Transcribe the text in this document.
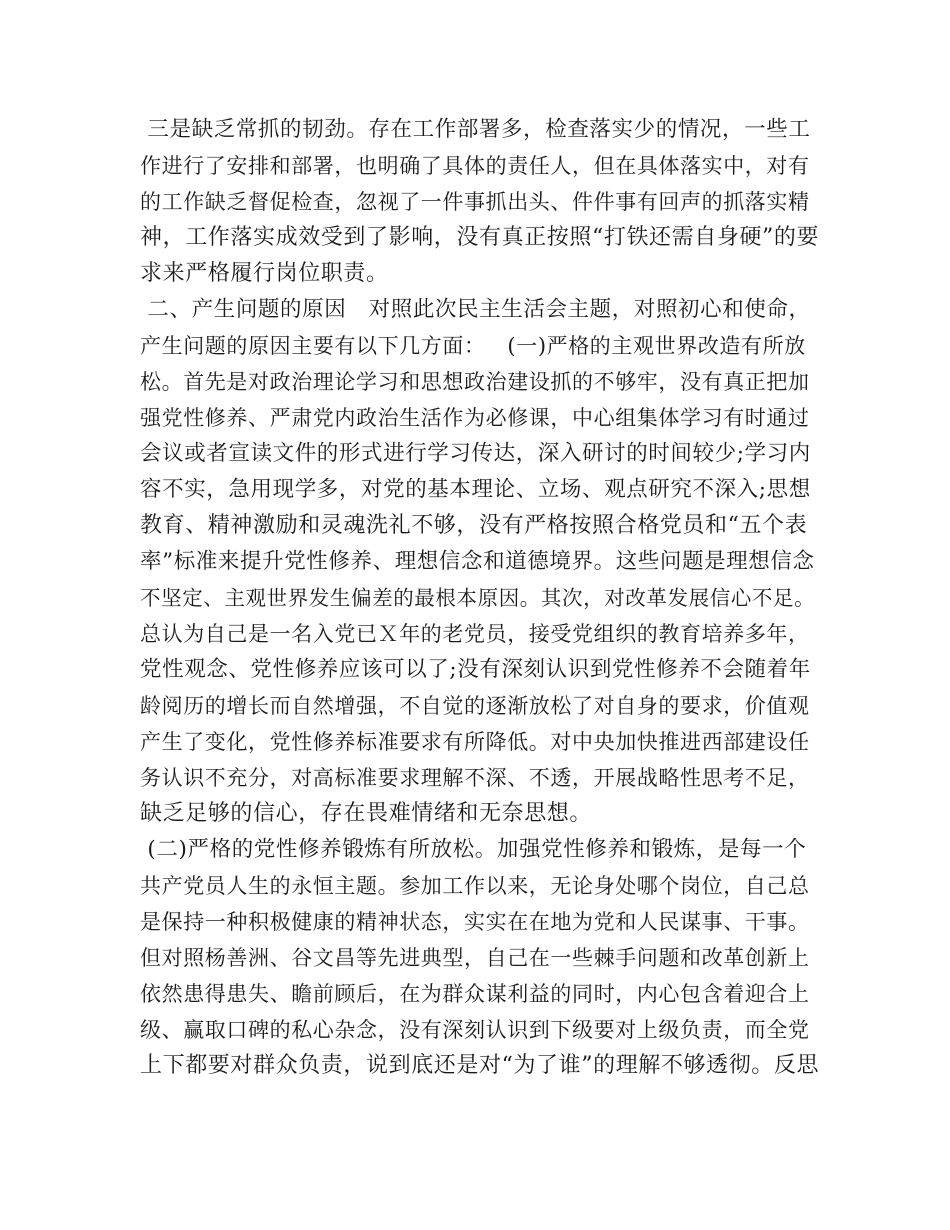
三是缺乏常抓的韧劲。存在工作部署多，检查落实少的情况，一些工
作进行了安排和部署，也明确了具体的责任人，但在具体落实中，对有
的工作缺乏督促检查，忽视了一件事抓出头、件件事有回声的抓落实精
神，工作落实成效受到了影响，没有真正按照“打铁还需自身硬”的要
求来严格履行岗位职责。
二、产生问题的原因   对照此次民主生活会主题，对照初心和使命，
产生问题的原因主要有以下几方面：   (一)严格的主观世界改造有所放
松。首先是对政治理论学习和思想政治建设抓的不够牢，没有真正把加
强党性修养、严肃党内政治生活作为必修课，中心组集体学习有时通过
会议或者宣读文件的形式进行学习传达，深入研讨的时间较少;学习内
容不实，急用现学多，对党的基本理论、立场、观点研究不深入;思想
教育、精神激励和灵魂洗礼不够，没有严格按照合格党员和“五个表
率”标准来提升党性修养、理想信念和道德境界。这些问题是理想信念
不坚定、主观世界发生偏差的最根本原因。其次，对改革发展信心不足。
总认为自己是一名入党已Ｘ年的老党员，接受党组织的教育培养多年，
党性观念、党性修养应该可以了;没有深刻认识到党性修养不会随着年
龄阅历的增长而自然增强，不自觉的逐渐放松了对自身的要求，价值观
产生了变化，党性修养标准要求有所降低。对中央加快推进西部建设任
务认识不充分，对高标准要求理解不深、不透，开展战略性思考不足，
缺乏足够的信心，存在畏难情绪和无奈思想。
(二)严格的党性修养锻炼有所放松。加强党性修养和锻炼，是每一个
共产党员人生的永恒主题。参加工作以来，无论身处哪个岗位，自己总
是保持一种积极健康的精神状态，实实在在地为党和人民谋事、干事。
但对照杨善洲、谷文昌等先进典型，自己在一些棘手问题和改革创新上
依然患得患失、瞻前顾后，在为群众谋利益的同时，内心包含着迎合上
级、赢取口碑的私心杂念，没有深刻认识到下级要对上级负责，而全党
上下都要对群众负责，说到底还是对“为了谁”的理解不够透彻。反思
